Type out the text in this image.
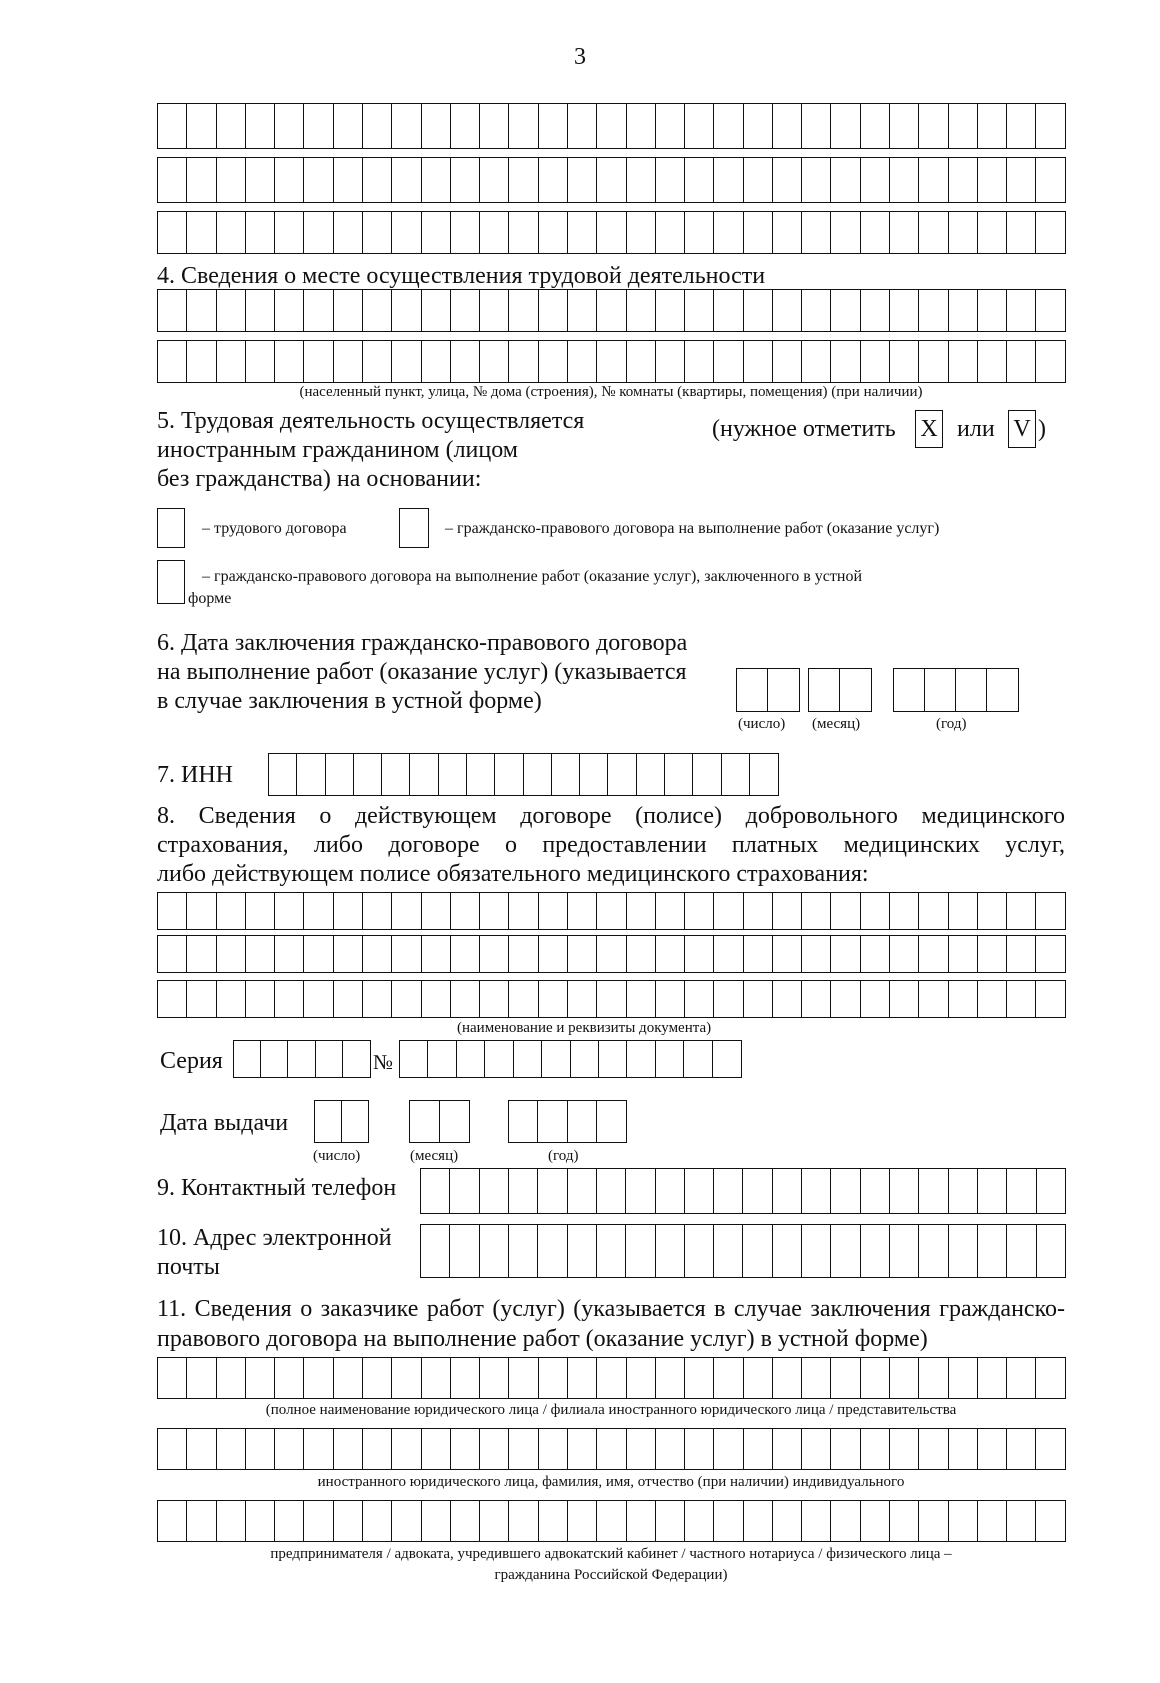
3
4. Сведения о месте осуществления трудовой деятельности
(населенный пункт, улица, № дома (строения), № комнаты (квартиры, помещения) (при наличии)
5. Трудовая деятельность осуществляется
иностранным гражданином (лицом
без гражданства) на основании:
(нужное отметить X или V )
– трудового договора	– гражданско-правового договора на выполнение работ (оказание услуг)
– гражданско-правового договора на выполнение работ (оказание услуг), заключенного в устной
форме
6. Дата заключения гражданско-правового договора
на выполнение работ (оказание услуг) (указывается
в случае заключения в устной форме)
(число) (месяц)	(год)
7. ИНН
8. Сведения о действующем договоре (полисе) добровольного медицинского
страхования, либо договоре о предоставлении платных медицинских услуг,
либо действующем полисе обязательного медицинского страхования:
(наименование и реквизиты документа)
Серия	№
Дата выдачи
(число)	(месяц)	(год)
9. Контактный телефон
10. Адрес электронной
почты
11. Сведения о заказчике работ (услуг) (указывается в случае заключения гражданско-
правового договора на выполнение работ (оказание услуг) в устной форме)
(полное наименование юридического лица / филиала иностранного юридического лица / представительства
иностранного юридического лица, фамилия, имя, отчество (при наличии) индивидуального
предпринимателя / адвоката, учредившего адвокатский кабинет / частного нотариуса / физического лица –
гражданина Российской Федерации)
